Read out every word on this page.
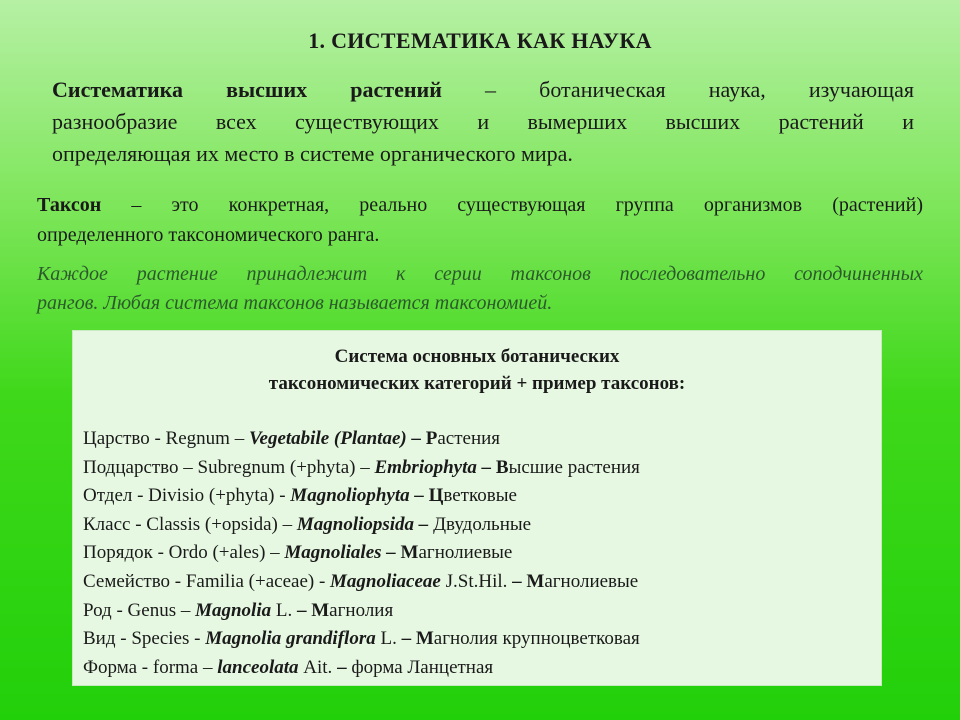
1. СИСТЕМАТИКА КАК НАУКА
Систематика высших растений – ботаническая наука, изучающая
разнообразие всех существующих и вымерших высших растений и
определяющая их место в системе органического мира.
Таксон – это конкретная, реально существующая группа организмов (растений)
определенного таксономического ранга.
Каждое растение принадлежит к серии таксонов последовательно соподчиненных
рангов. Любая система таксонов называется таксономией.
Система основных ботанических
таксономических категорий + пример таксонов:
Царство - Regnum – Vegetabile (Plantae) – Растения
Подцарство – Subregnum (+phyta) – Embriophyta – Высшие растения
Отдел - Divisio (+phyta) - Magnoliophyta – Цветковые
Класс - Classis (+opsida) – Magnoliopsida – Двудольные
Порядок - Ordo (+ales) – Magnoliales – Магнолиевые
Семейство - Familia (+aceae) - Magnoliaceae J.St.Hil. – Магнолиевые
Род - Genus – Magnolia L. – Магнолия
Вид - Species - Magnolia grandiflora L. – Магнолия крупноцветковая
Форма - forma – lanceolata Ait. – форма Ланцетная
